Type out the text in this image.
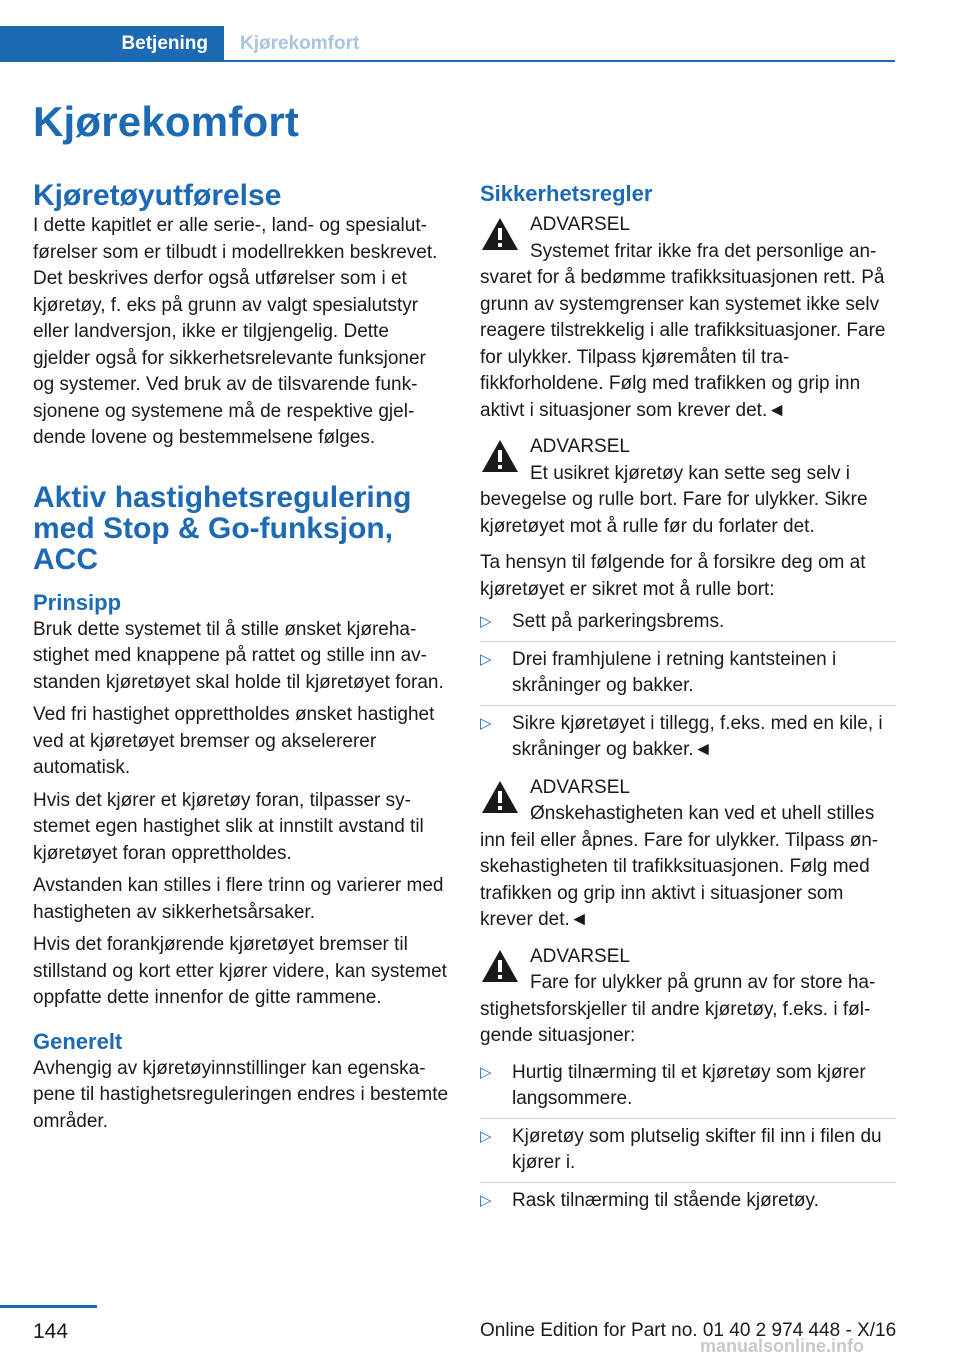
Betjening	Kjørekomfort
Kjørekomfort
Kjøretøyutførelse

I dette kapitlet er alle serie-, land- og spesialutførelser som er tilbudt i modellrekken beskrevet. Det beskrives derfor også utførelser som i et kjøretøy, f. eks på grunn av valgt spesialutstyr eller landversjon, ikke er tilgjengelig. Dette gjelder også for sikkerhetsrelevante funksjoner og systemer. Ved bruk av de tilsvarende funksjonene og systemene må de respektive gjeldende lovene og bestemmelsene følges.

Aktiv hastighetsregulering med Stop & Go-funksjon, ACC
Prinsipp

Bruk dette systemet til å stille ønsket kjørehastighet med knappene på rattet og stille inn avstanden kjøretøyet skal holde til kjøretøyet foran.

Ved fri hastighet opprettholdes ønsket hastighet ved at kjøretøyet bremser og akselererer automatisk.

Hvis det kjører et kjøretøy foran, tilpasser systemet egen hastighet slik at innstilt avstand til kjøretøyet foran opprettholdes.

Avstanden kan stilles i flere trinn og varierer med hastigheten av sikkerhetsårsaker.

Hvis det forankjørende kjøretøyet bremser til stillstand og kort etter kjører videre, kan systemet oppfatte dette innenfor de gitte rammene.

Generelt

Avhengig av kjøretøyinnstillinger kan egenskapene til hastighetsreguleringen endres i bestemte områder.

Sikkerhetsregler
ADVARSEL
Systemet fritar ikke fra det personlige ansvaret for å bedømme trafikksituasjonen rett. På grunn av systemgrenser kan systemet ikke selv reagere tilstrekkelig i alle trafikksituasjoner. Fare for ulykker. Tilpass kjøremåten til trafikkforholdene. Følg med trafikken og grip inn aktivt i situasjoner som krever det.◄
ADVARSEL
Et usikret kjøretøy kan sette seg selv i bevegelse og rulle bort. Fare for ulykker. Sikre kjøretøyet mot å rulle før du forlater det.

Ta hensyn til følgende for å forsikre deg om at kjøretøyet er sikret mot å rulle bort:

▷ Sett på parkeringsbrems.
▷ Drei framhjulene i retning kantsteinen i skråninger og bakker.
▷ Sikre kjøretøyet i tillegg, f.eks. med en kile, i skråninger og bakker.◄
ADVARSEL
Ønskehastigheten kan ved et uhell stilles inn feil eller åpnes. Fare for ulykker. Tilpass ønskehastigheten til trafikksituasjonen. Følg med trafikken og grip inn aktivt i situasjoner som krever det.◄
ADVARSEL
Fare for ulykker på grunn av for store hastighetsforskjeller til andre kjøretøy, f.eks. i følgende situasjoner:
▷ Hurtig tilnærming til et kjøretøy som kjører langsommere.
▷ Kjøretøy som plutselig skifter fil inn i filen du kjører i.
▷ Rask tilnærming til stående kjøretøy.
144	Online Edition for Part no. 01 40 2 974 448 - X/16
manualsonline.info
